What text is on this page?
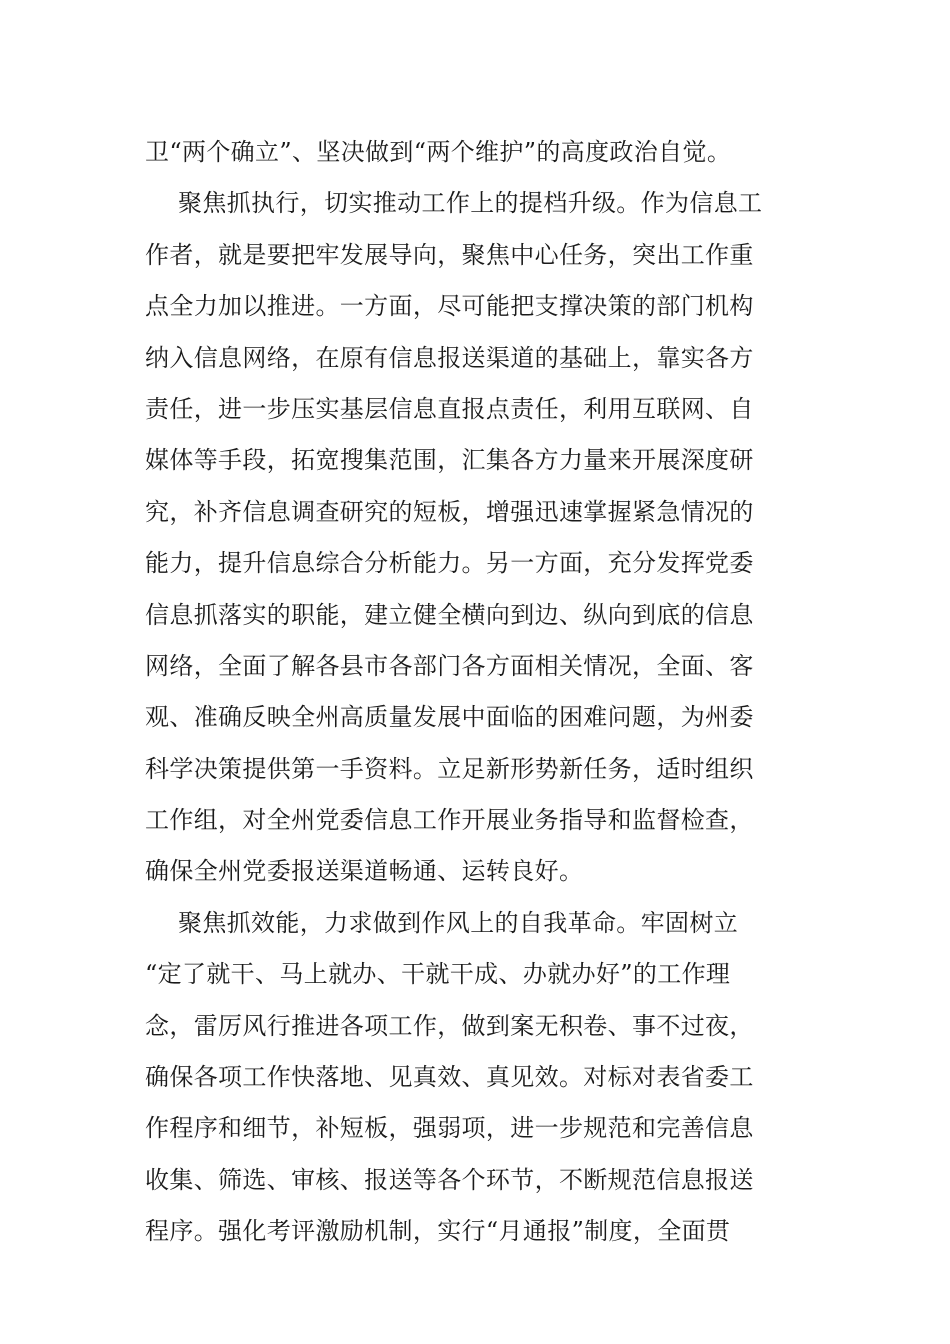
卫“两个确立”、坚决做到“两个维护”的高度政治自觉。
聚焦抓执行，切实推动工作上的提档升级。作为信息工
作者，就是要把牢发展导向，聚焦中心任务，突出工作重
点全力加以推进。一方面，尽可能把支撑决策的部门机构
纳入信息网络，在原有信息报送渠道的基础上，靠实各方
责任，进一步压实基层信息直报点责任，利用互联网、自
媒体等手段，拓宽搜集范围，汇集各方力量来开展深度研
究，补齐信息调查研究的短板，增强迅速掌握紧急情况的
能力，提升信息综合分析能力。另一方面，充分发挥党委
信息抓落实的职能，建立健全横向到边、纵向到底的信息
网络，全面了解各县市各部门各方面相关情况，全面、客
观、准确反映全州高质量发展中面临的困难问题，为州委
科学决策提供第一手资料。立足新形势新任务，适时组织
工作组，对全州党委信息工作开展业务指导和监督检查，
确保全州党委报送渠道畅通、运转良好。
聚焦抓效能，力求做到作风上的自我革命。牢固树立
“定了就干、马上就办、干就干成、办就办好”的工作理
念，雷厉风行推进各项工作，做到案无积卷、事不过夜，
确保各项工作快落地、见真效、真见效。对标对表省委工
作程序和细节，补短板，强弱项，进一步规范和完善信息
收集、筛选、审核、报送等各个环节，不断规范信息报送
程序。强化考评激励机制，实行“月通报”制度，全面贯
